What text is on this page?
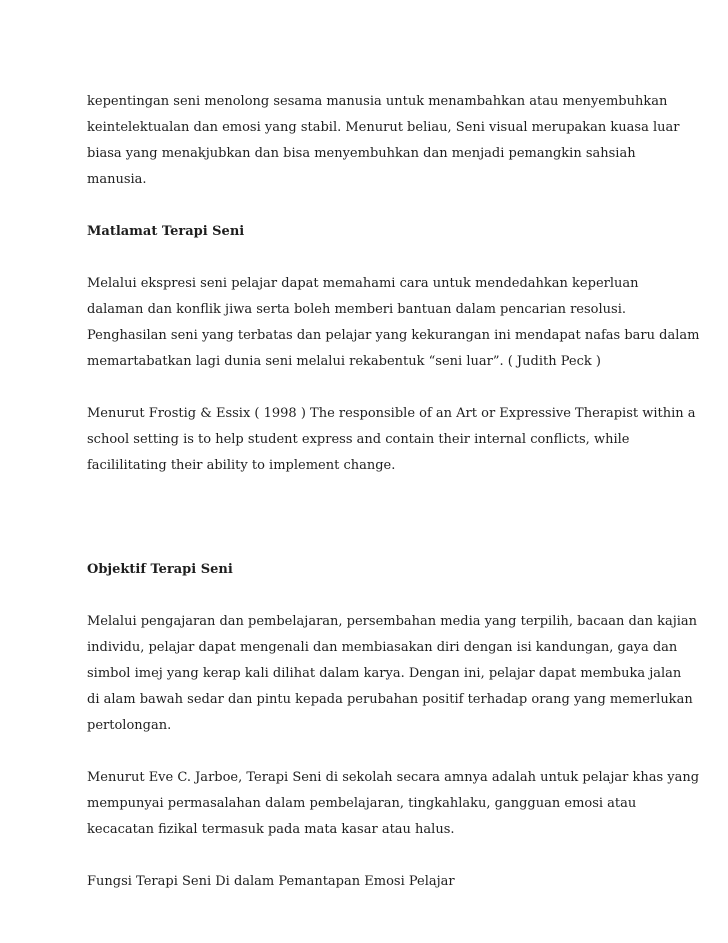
kepentingan seni menolong sesama manusia untuk menambahkan atau menyembuhkan

keintelektualan dan emosi yang stabil. Menurut beliau, Seni visual merupakan kuasa luar

biasa yang menakjubkan dan bisa menyembuhkan dan menjadi pemangkin sahsiah

manusia.

Matlamat Terapi Seni

Melalui ekspresi seni pelajar dapat memahami cara untuk mendedahkan keperluan

dalaman dan konflik jiwa serta boleh memberi bantuan dalam pencarian resolusi.

Penghasilan seni yang terbatas dan pelajar yang kekurangan ini mendapat nafas baru dalam

memartabatkan lagi dunia seni melalui rekabentuk “seni luar”. ( Judith Peck )

Menurut Frostig & Essix ( 1998 ) The responsible of an Art or Expressive Therapist within a

school setting is to help student express and contain their internal conflicts, while

facililitating their ability to implement change.

Objektif Terapi Seni

Melalui pengajaran dan pembelajaran, persembahan media yang terpilih, bacaan dan kajian

individu, pelajar dapat mengenali dan membiasakan diri dengan isi kandungan, gaya dan

simbol imej yang kerap kali dilihat dalam karya. Dengan ini, pelajar dapat membuka jalan

di alam bawah sedar dan pintu kepada perubahan positif terhadap orang yang memerlukan

pertolongan.

Menurut Eve C. Jarboe, Terapi Seni di sekolah secara amnya adalah untuk pelajar khas yang

mempunyai permasalahan dalam pembelajaran, tingkahlaku, gangguan emosi atau

kecacatan fizikal termasuk pada mata kasar atau halus.

Fungsi Terapi Seni Di dalam Pemantapan Emosi Pelajar
